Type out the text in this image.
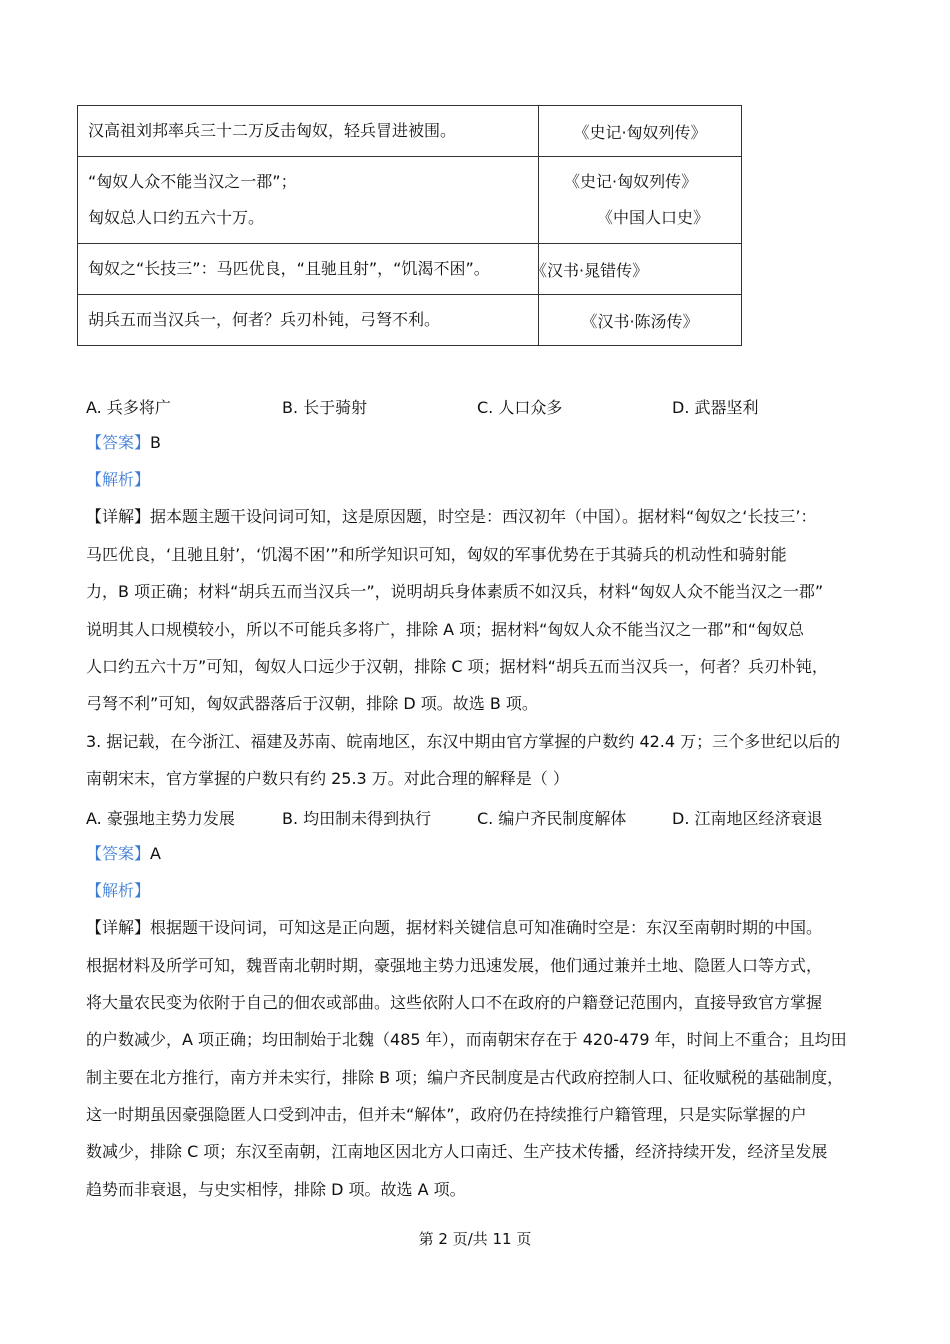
汉高祖刘邦率兵三十二万反击匈奴，轻兵冒进被围。	《史记·匈奴列传》

“匈奴人众不能当汉之一郡”；
匈奴总人口约五六十万。	《史记·匈奴列传》
《中国人口史》

匈奴之“长技三”：马匹优良，“且驰且射”，“饥渴不困”。	《汉书·晁错传》

胡兵五而当汉兵一，何者？兵刃朴钝，弓弩不利。	《汉书·陈汤传》
A. 兵多将广	B. 长于骑射	C. 人口众多	D. 武器坚利
【答案】B
【解析】
【详解】据本题主题干设问词可知，这是原因题，时空是：西汉初年（中国）。据材料“匈奴之‘长技三’：
马匹优良，‘且驰且射’，‘饥渴不困’”和所学知识可知，匈奴的军事优势在于其骑兵的机动性和骑射能
力，B 项正确；材料“胡兵五而当汉兵一”，说明胡兵身体素质不如汉兵，材料“匈奴人众不能当汉之一郡”
说明其人口规模较小，所以不可能兵多将广，排除 A 项；据材料“匈奴人众不能当汉之一郡”和“匈奴总
人口约五六十万”可知，匈奴人口远少于汉朝，排除 C 项；据材料“胡兵五而当汉兵一，何者？兵刃朴钝，
弓弩不利”可知，匈奴武器落后于汉朝，排除 D 项。故选 B 项。
3. 据记载，在今浙江、福建及苏南、皖南地区，东汉中期由官方掌握的户数约 42.4 万；三个多世纪以后的
南朝宋末，官方掌握的户数只有约 25.3 万。对此合理的解释是（ ）
A. 豪强地主势力发展	B. 均田制未得到执行	C. 编户齐民制度解体	D. 江南地区经济衰退
【答案】A
【解析】
【详解】根据题干设问词，可知这是正向题，据材料关键信息可知准确时空是：东汉至南朝时期的中国。
根据材料及所学可知，魏晋南北朝时期，豪强地主势力迅速发展，他们通过兼并土地、隐匿人口等方式，
将大量农民变为依附于自己的佃农或部曲。这些依附人口不在政府的户籍登记范围内，直接导致官方掌握
的户数减少，A 项正确；均田制始于北魏（485 年），而南朝宋存在于 420-479 年，时间上不重合；且均田
制主要在北方推行，南方并未实行，排除 B 项；编户齐民制度是古代政府控制人口、征收赋税的基础制度，
这一时期虽因豪强隐匿人口受到冲击，但并未“解体”，政府仍在持续推行户籍管理，只是实际掌握的户
数减少，排除 C 项；东汉至南朝，江南地区因北方人口南迁、生产技术传播，经济持续开发，经济呈发展
趋势而非衰退，与史实相悖，排除 D 项。故选 A 项。
第 2 页/共 11 页
